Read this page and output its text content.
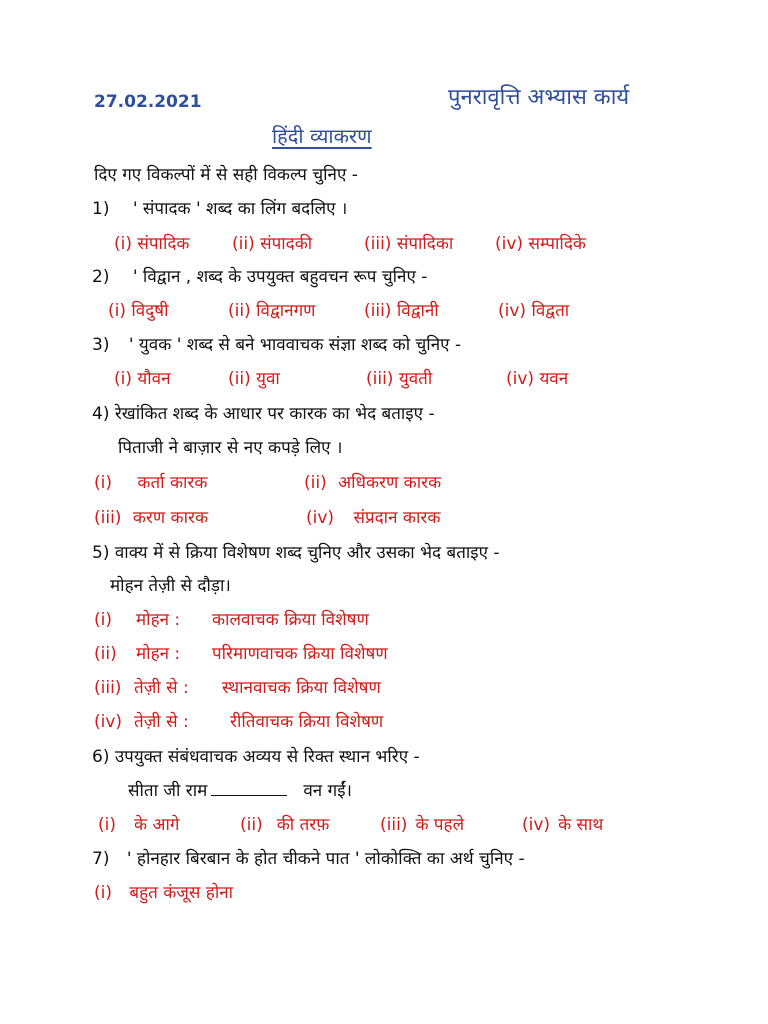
27.02.2021	पुनरावृत्ति अभ्यास कार्य
हिंदी व्याकरण
दिए गए विकल्पों में से सही विकल्प चुनिए -
1) ' संपादक ' शब्द का लिंग बदलिए ।
(i) संपादिक	(ii) संपादकी	(iii) संपादिका (iv) सम्पादिके
2) ' विद्वान , शब्द के उपयुक्त बहुवचन रूप चुनिए -
(i) विदुषी	(ii) विद्वानगण	(iii) विद्वानी	(iv) विद्वता
3) ' युवक ' शब्द से बने भाववाचक संज्ञा शब्द को चुनिए -
(i) यौवन	(ii) युवा	(iii) युवती	(iv) यवन
4) रेखांकित शब्द के आधार पर कारक का भेद बताइए -
पिताजी ने बाज़ार से नए कपड़े लिए ।
(i) कर्ता कारक	(ii) अधिकरण कारक
(iii) करण कारक	(iv) संप्रदान कारक
5) वाक्य में से क्रिया विशेषण शब्द चुनिए और उसका भेद बताइए -
मोहन तेज़ी से दौड़ा।
(i) मोहन : कालवाचक क्रिया विशेषण
(ii) मोहन : परिमाणवाचक क्रिया विशेषण
(iii) तेज़ी से : स्थानवाचक क्रिया विशेषण
(iv) तेज़ी से : रीतिवाचक क्रिया विशेषण
6) उपयुक्त संबंधवाचक अव्यय से रिक्त स्थान भरिए -
सीता जी राम	वन गईं।
(i) के आगे	(ii) की तरफ़	(iii) के पहले	(iv) के साथ
7) ' होनहार बिरबान के होत चीकने पात ' लोकोक्ति का अर्थ चुनिए -
(i) बहुत कंजूस होना
